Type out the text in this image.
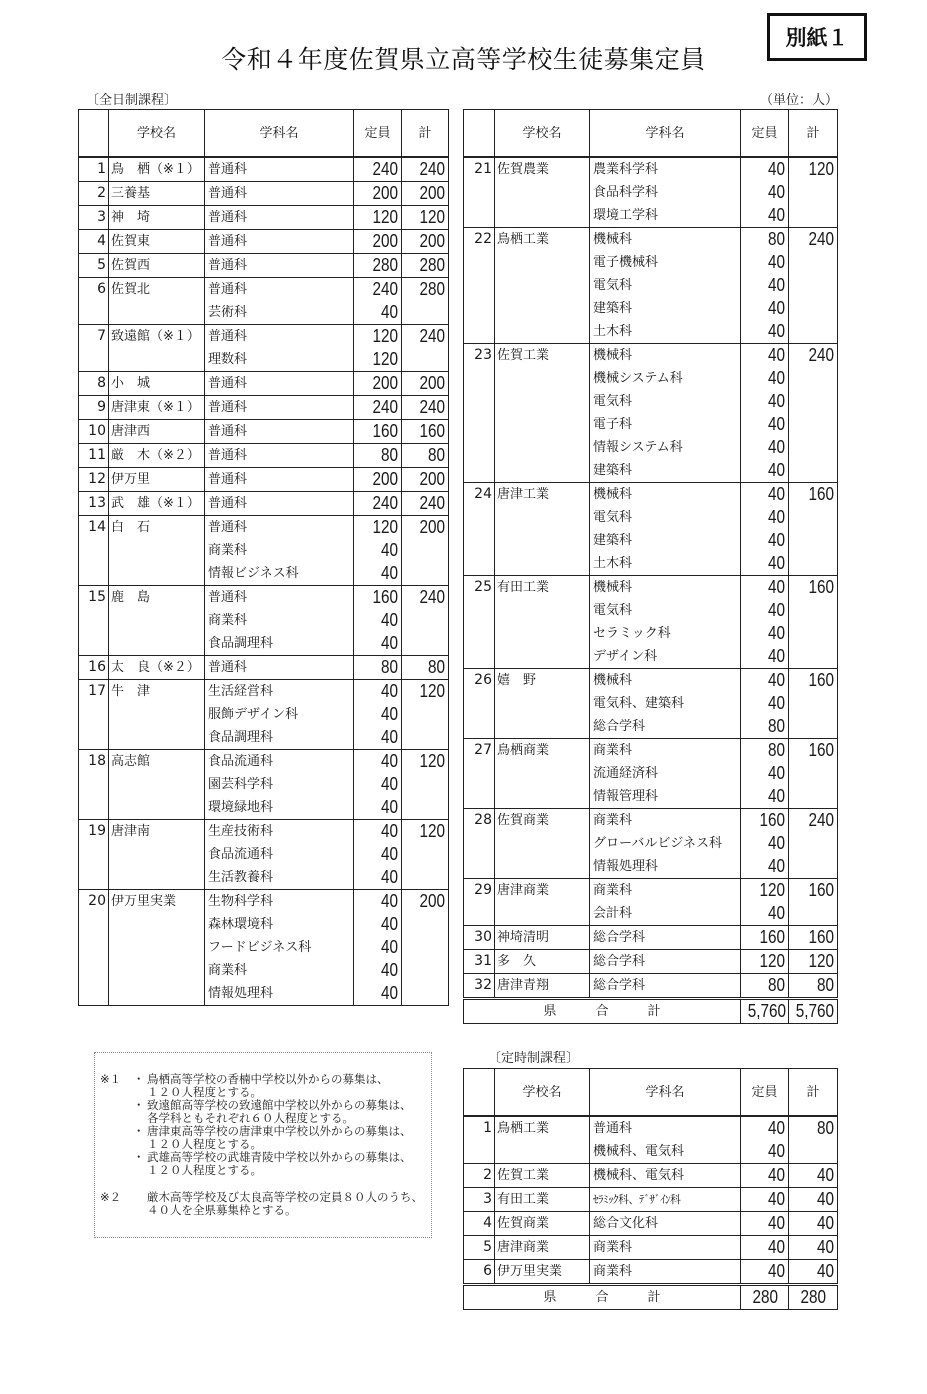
令和４年度佐賀県立高等学校生徒募集定員
別紙１
〔全日制課程〕	（単位：人）
	学校名	学科名	定員	計
1	鳥　栖（※１）	普通科	240	240
2	三養基	普通科	200	200
3	神　埼	普通科	120	120
4	佐賀東	普通科	200	200
5	佐賀西	普通科	280	280
6	佐賀北	普通科	240	280
		芸術科	40	
7	致遠館（※１）	普通科	120	240
		理数科	120	
8	小　城	普通科	200	200
9	唐津東（※１）	普通科	240	240
10	唐津西	普通科	160	160
11	厳　木（※２）	普通科	80	80
12	伊万里	普通科	200	200
13	武　雄（※１）	普通科	240	240
14	白　石	普通科	120	200
		商業科	40	
		情報ビジネス科	40	
15	鹿　島	普通科	160	240
		商業科	40	
		食品調理科	40	
16	太　良（※２）	普通科	80	80
17	牛　津	生活経営科	40	120
		服飾デザイン科	40	
		食品調理科	40	
18	高志館	食品流通科	40	120
		園芸科学科	40	
		環境緑地科	40	
19	唐津南	生産技術科	40	120
		食品流通科	40	
		生活教養科	40	
20	伊万里実業	生物科学科	40	200
		森林環境科	40	
		フードビジネス科	40	
		商業科	40	
		情報処理科	40	
	学校名	学科名	定員	計
21	佐賀農業	農業科学科	40	120
		食品科学科	40	
		環境工学科	40	
22	鳥栖工業	機械科	80	240
		電子機械科	40	
		電気科	40	
		建築科	40	
		土木科	40	
23	佐賀工業	機械科	40	240
		機械システム科	40	
		電気科	40	
		電子科	40	
		情報システム科	40	
		建築科	40	
24	唐津工業	機械科	40	160
		電気科	40	
		建築科	40	
		土木科	40	
25	有田工業	機械科	40	160
		電気科	40	
		セラミック科	40	
		デザイン科	40	
26	嬉　野	機械科	40	160
		電気科、建築科	40	
		総合学科	80	
27	鳥栖商業	商業科	80	160
		流通経済科	40	
		情報管理科	40	
28	佐賀商業	商業科	160	240
		グローバルビジネス科	40	
		情報処理科	40	
29	唐津商業	商業科	120	160
		会計科	40	
30	神埼清明	総合学科	160	160
31	多　久	総合学科	120	120
32	唐津青翔	総合学科	80	80
県　　　合　　　計			5,760	5,760
※１ ・ 鳥栖高等学校の香楠中学校以外からの募集は、
１２０人程度とする。
・ 致遠館高等学校の致遠館中学校以外からの募集は、
各学科ともそれぞれ６０人程度とする。
・ 唐津東高等学校の唐津東中学校以外からの募集は、
１２０人程度とする。
・ 武雄高等学校の武雄青陵中学校以外からの募集は、
１２０人程度とする。
※２ 厳木高等学校及び太良高等学校の定員８０人のうち、
４０人を全県募集枠とする。
〔定時制課程〕
	学校名	学科名	定員	計
1	鳥栖工業	普通科	40	80
		機械科、電気科	40	
2	佐賀工業	機械科、電気科	40	40
3	有田工業	ｾﾗﾐｯｸ科、ﾃﾞｻﾞｲﾝ科	40	40
4	佐賀商業	総合文化科	40	40
5	唐津商業	商業科	40	40
6	伊万里実業	商業科	40	40
県　　　合　　　計			280	280
